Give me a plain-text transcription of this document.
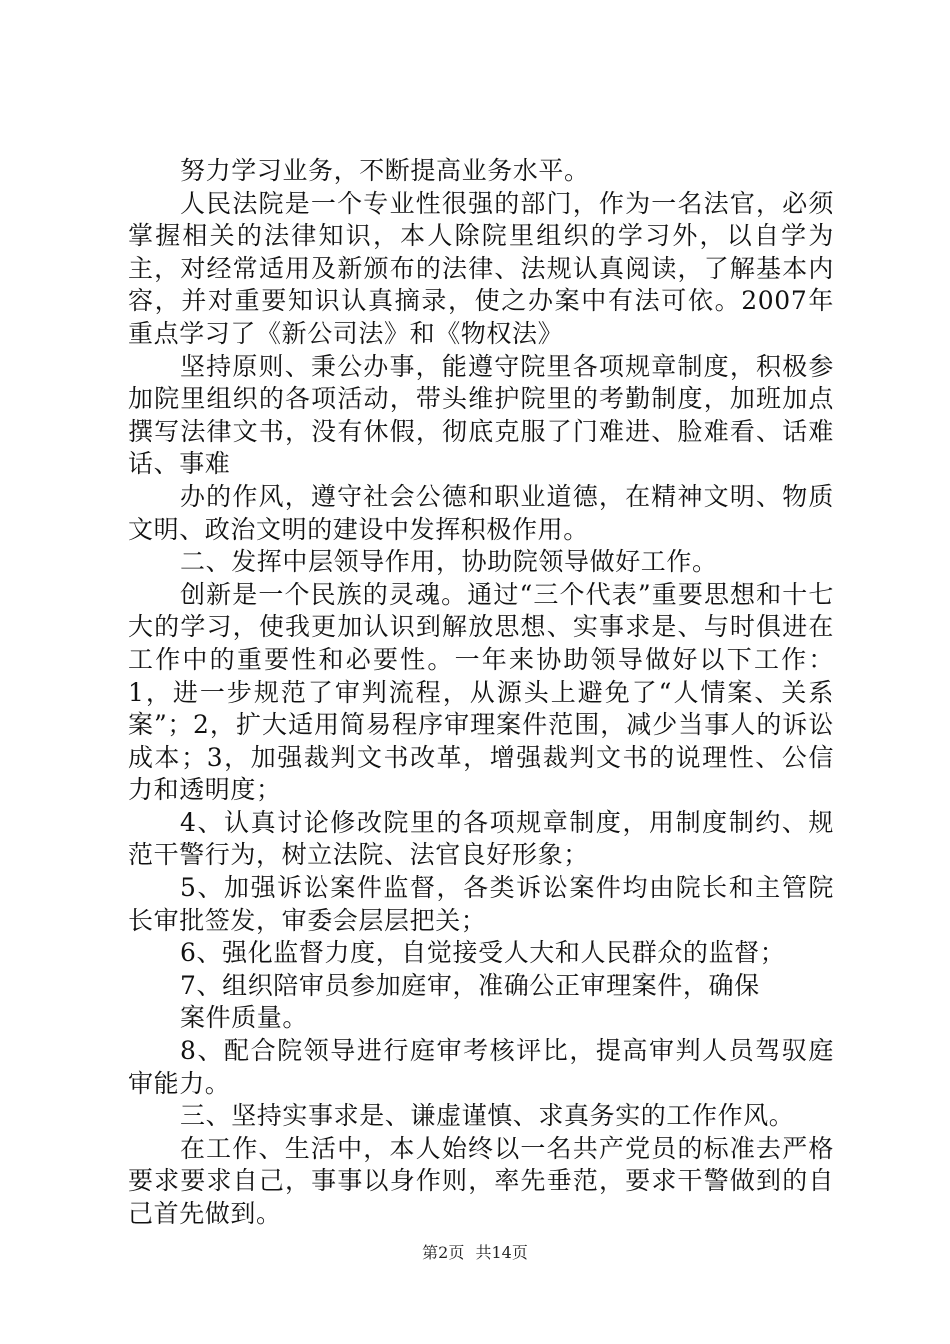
努力学习业务，不断提高业务水平。

人民法院是一个专业性很强的部门，作为一名法官，必须掌握相关的法律知识，本人除院里组织的学习外，以自学为主，对经常适用及新颁布的法律、法规认真阅读，了解基本内容，并对重要知识认真摘录，使之办案中有法可依。2007年重点学习了《新公司法》和《物权法》

坚持原则、秉公办事，能遵守院里各项规章制度，积极参加院里组织的各项活动，带头维护院里的考勤制度，加班加点撰写法律文书，没有休假，彻底克服了门难进、脸难看、话难话、事难

办的作风，遵守社会公德和职业道德，在精神文明、物质文明、政治文明的建设中发挥积极作用。

二、发挥中层领导作用，协助院领导做好工作。

创新是一个民族的灵魂。通过“三个代表”重要思想和十七大的学习，使我更加认识到解放思想、实事求是、与时俱进在工作中的重要性和必要性。一年来协助领导做好以下工作：1，进一步规范了审判流程，从源头上避免了“人情案、关系案”；2，扩大适用简易程序审理案件范围，减少当事人的诉讼成本；3，加强裁判文书改革，增强裁判文书的说理性、公信力和透明度；

4、认真讨论修改院里的各项规章制度，用制度制约、规范干警行为，树立法院、法官良好形象；

5、加强诉讼案件监督，各类诉讼案件均由院长和主管院长审批签发，审委会层层把关；

6、强化监督力度，自觉接受人大和人民群众的监督；

7、组织陪审员参加庭审，准确公正审理案件，确保

案件质量。

8、配合院领导进行庭审考核评比，提高审判人员驾驭庭审能力。

三、坚持实事求是、谦虚谨慎、求真务实的工作作风。

在工作、生活中，本人始终以一名共产党员的标准去严格要求要求自己，事事以身作则，率先垂范，要求干警做到的自己首先做到。

第2页 共14页
